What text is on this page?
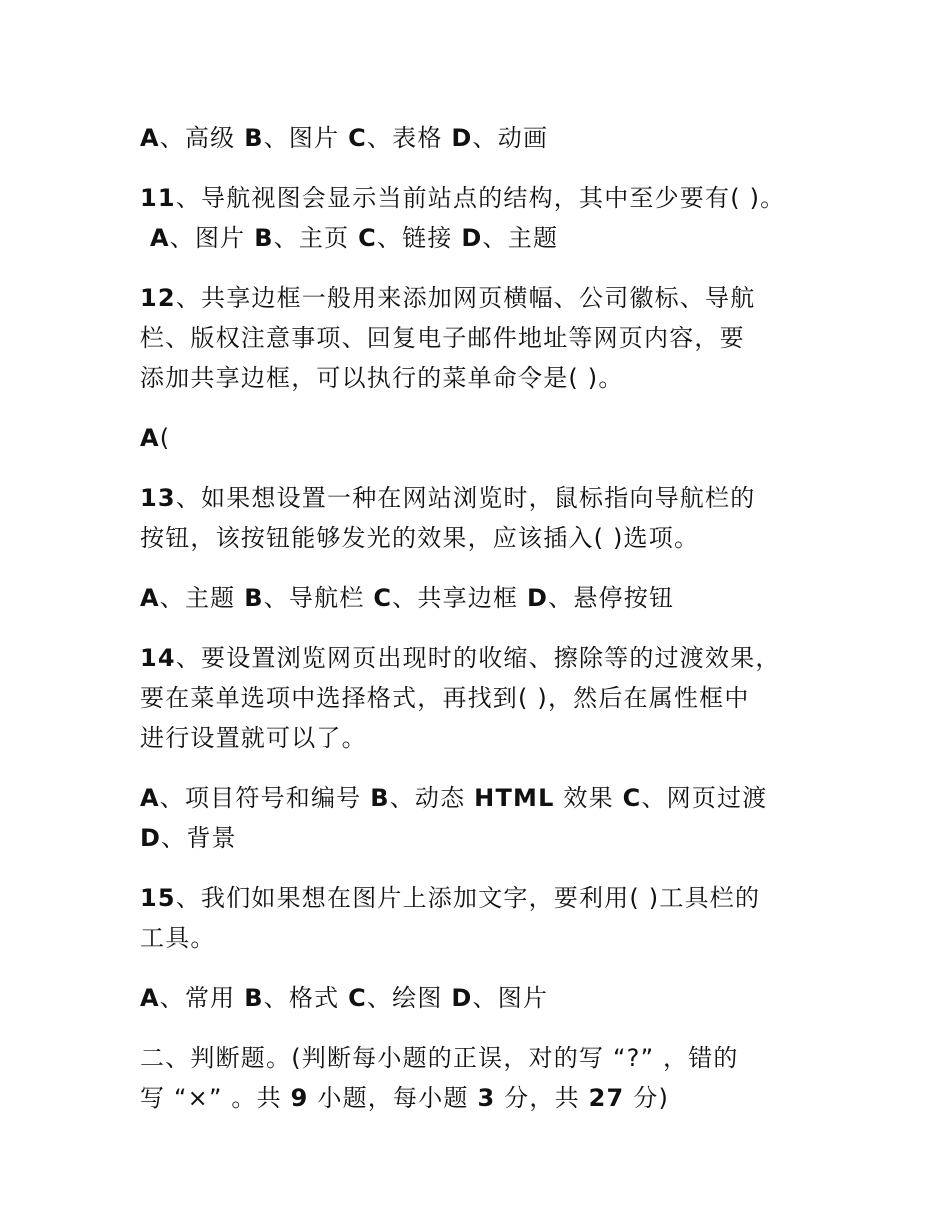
A、高级 B、图片 C、表格 D、动画
11、导航视图会显示当前站点的结构，其中至少要有( )。
A、图片 B、主页 C、链接 D、主题
12、共享边框一般用来添加网页横幅、公司徽标、导航
栏、版权注意事项、回复电子邮件地址等网页内容，要
添加共享边框，可以执行的菜单命令是( )。
A(
13、如果想设置一种在网站浏览时，鼠标指向导航栏的
按钮，该按钮能够发光的效果，应该插入( )选项。
A、主题 B、导航栏 C、共享边框 D、悬停按钮
14、要设置浏览网页出现时的收缩、擦除等的过渡效果，
要在菜单选项中选择格式，再找到( )，然后在属性框中
进行设置就可以了。
A、项目符号和编号 B、动态 HTML 效果 C、网页过渡
D、背景
15、我们如果想在图片上添加文字，要利用( )工具栏的
工具。
A、常用 B、格式 C、绘图 D、图片
二、判断题。(判断每小题的正误，对的写 “?” ，错的
写 “×” 。共 9 小题，每小题 3 分，共 27 分)
